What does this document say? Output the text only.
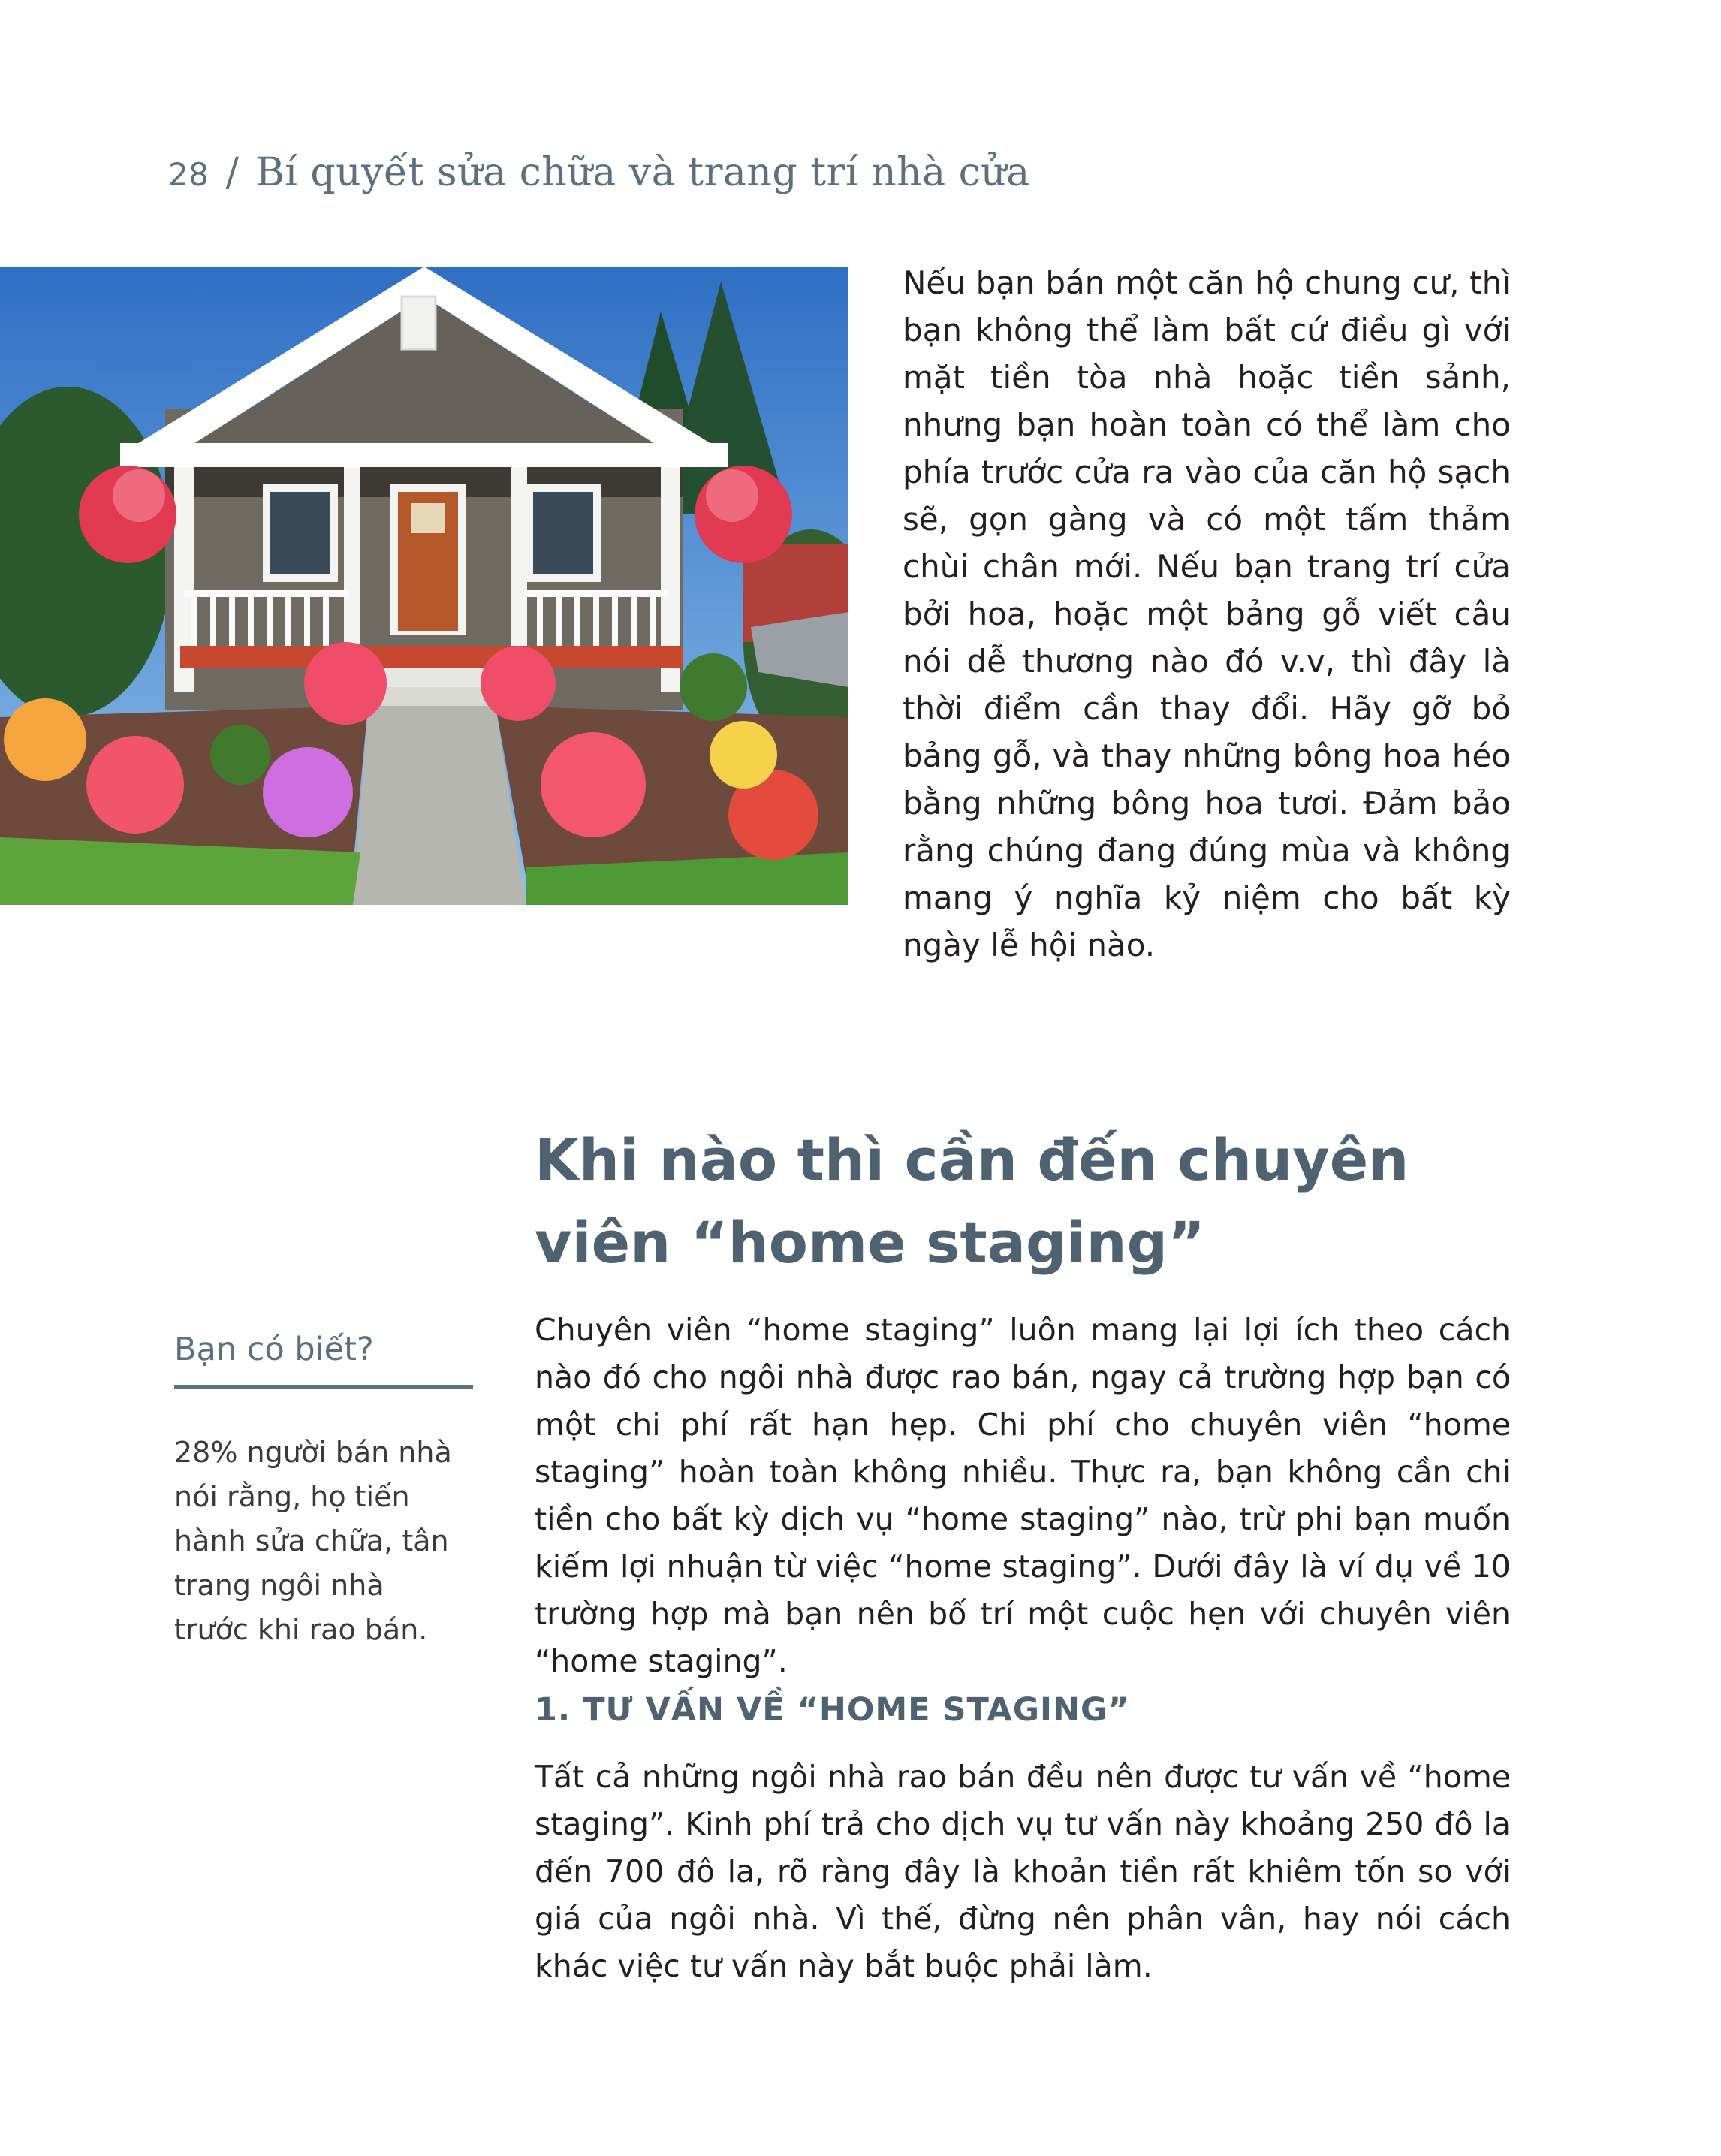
28 / Bí quyết sửa chữa và trang trí nhà cửa
Nếu bạn bán một căn hộ chung cư, thì bạn không thể làm bất cứ điều gì với mặt tiền tòa nhà hoặc tiền sảnh, nhưng bạn hoàn toàn có thể làm cho phía trước cửa ra vào của căn hộ sạch sẽ, gọn gàng và có một tấm thảm chùi chân mới. Nếu bạn trang trí cửa bởi hoa, hoặc một bảng gỗ viết câu nói dễ thương nào đó v.v, thì đây là thời điểm cần thay đổi. Hãy gỡ bỏ bảng gỗ, và thay những bông hoa héo bằng những bông hoa tươi. Đảm bảo rằng chúng đang đúng mùa và không mang ý nghĩa kỷ niệm cho bất kỳ ngày lễ hội nào.
Khi nào thì cần đến chuyên viên “home staging”
Bạn có biết?
28% người bán nhà nói rằng, họ tiến hành sửa chữa, tân trang ngôi nhà trước khi rao bán.
Chuyên viên “home staging” luôn mang lại lợi ích theo cách nào đó cho ngôi nhà được rao bán, ngay cả trường hợp bạn có một chi phí rất hạn hẹp. Chi phí cho chuyên viên “home staging” hoàn toàn không nhiều. Thực ra, bạn không cần chi tiền cho bất kỳ dịch vụ “home staging” nào, trừ phi bạn muốn kiếm lợi nhuận từ việc “home staging”. Dưới đây là ví dụ về 10 trường hợp mà bạn nên bố trí một cuộc hẹn với chuyên viên “home staging”.
1. TƯ VẤN VỀ “HOME STAGING”
Tất cả những ngôi nhà rao bán đều nên được tư vấn về “home staging”. Kinh phí trả cho dịch vụ tư vấn này khoảng 250 đô la đến 700 đô la, rõ ràng đây là khoản tiền rất khiêm tốn so với giá của ngôi nhà. Vì thế, đừng nên phân vân, hay nói cách khác việc tư vấn này bắt buộc phải làm.
